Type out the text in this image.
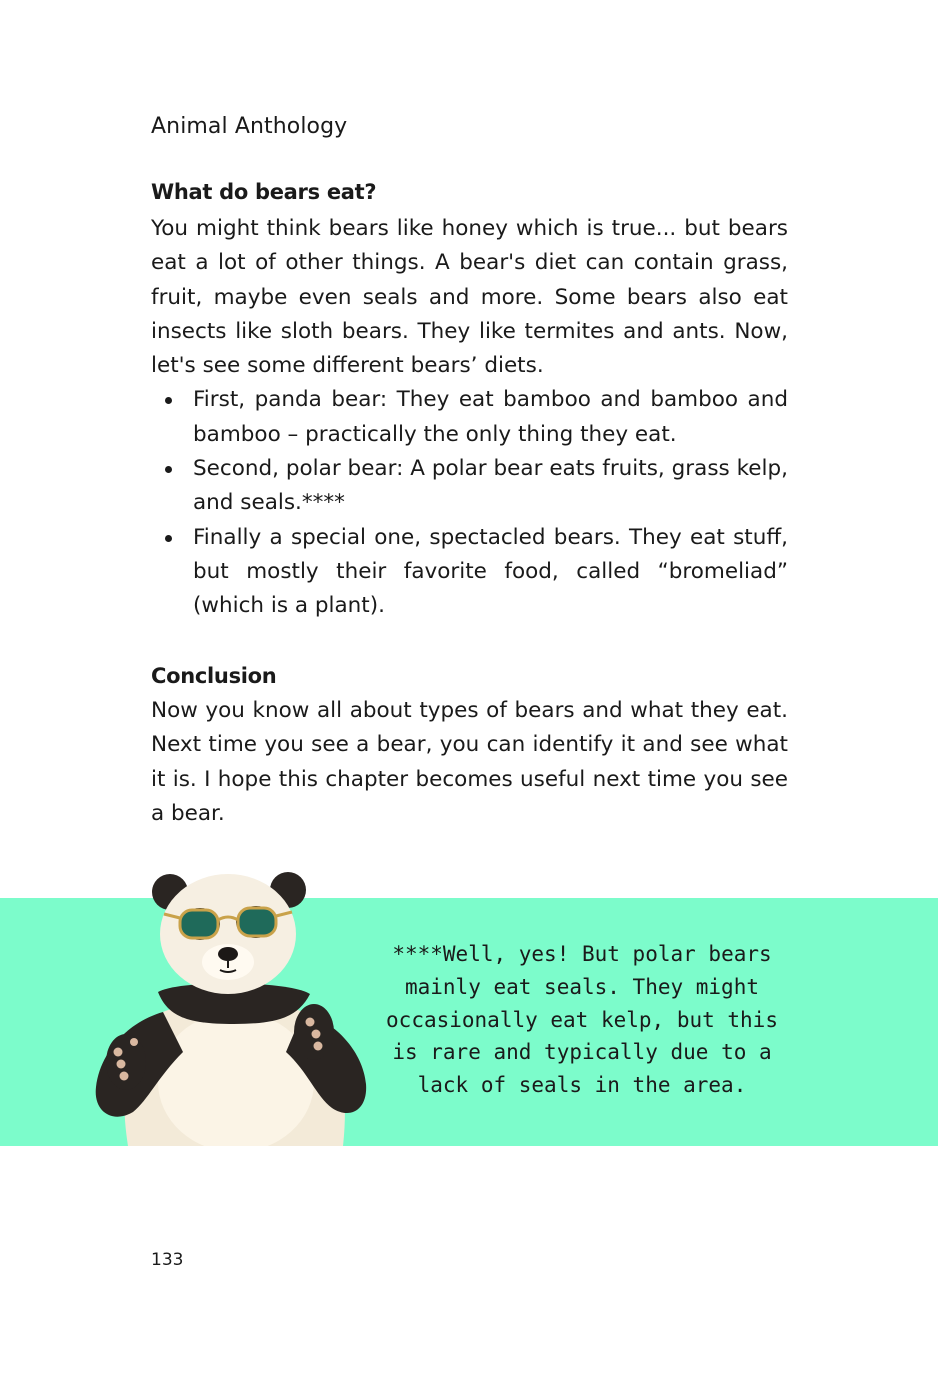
Animal Anthology
What do bears eat?

You might think bears like honey which is true... but bears eat a lot of other things. A bear's diet can contain grass, fruit, maybe even seals and more. Some bears also eat insects like sloth bears. They like termites and ants. Now, let's see some different bears’ diets.

First, panda bear: They eat bamboo and bamboo and bamboo – practically the only thing they eat.
Second, polar bear: A polar bear eats fruits, grass kelp, and seals.****
Finally a special one, spectacled bears. They eat stuff, but mostly their favorite food, called “bromeliad” (which is a plant).
Conclusion

Now you know all about types of bears and what they eat. Next time you see a bear, you can identify it and see what it is. I hope this chapter becomes useful next time you see a bear.

****Well, yes! But polar bears mainly eat seals. They might occasionally eat kelp, but this is rare and typically due to a lack of seals in the area.

133
